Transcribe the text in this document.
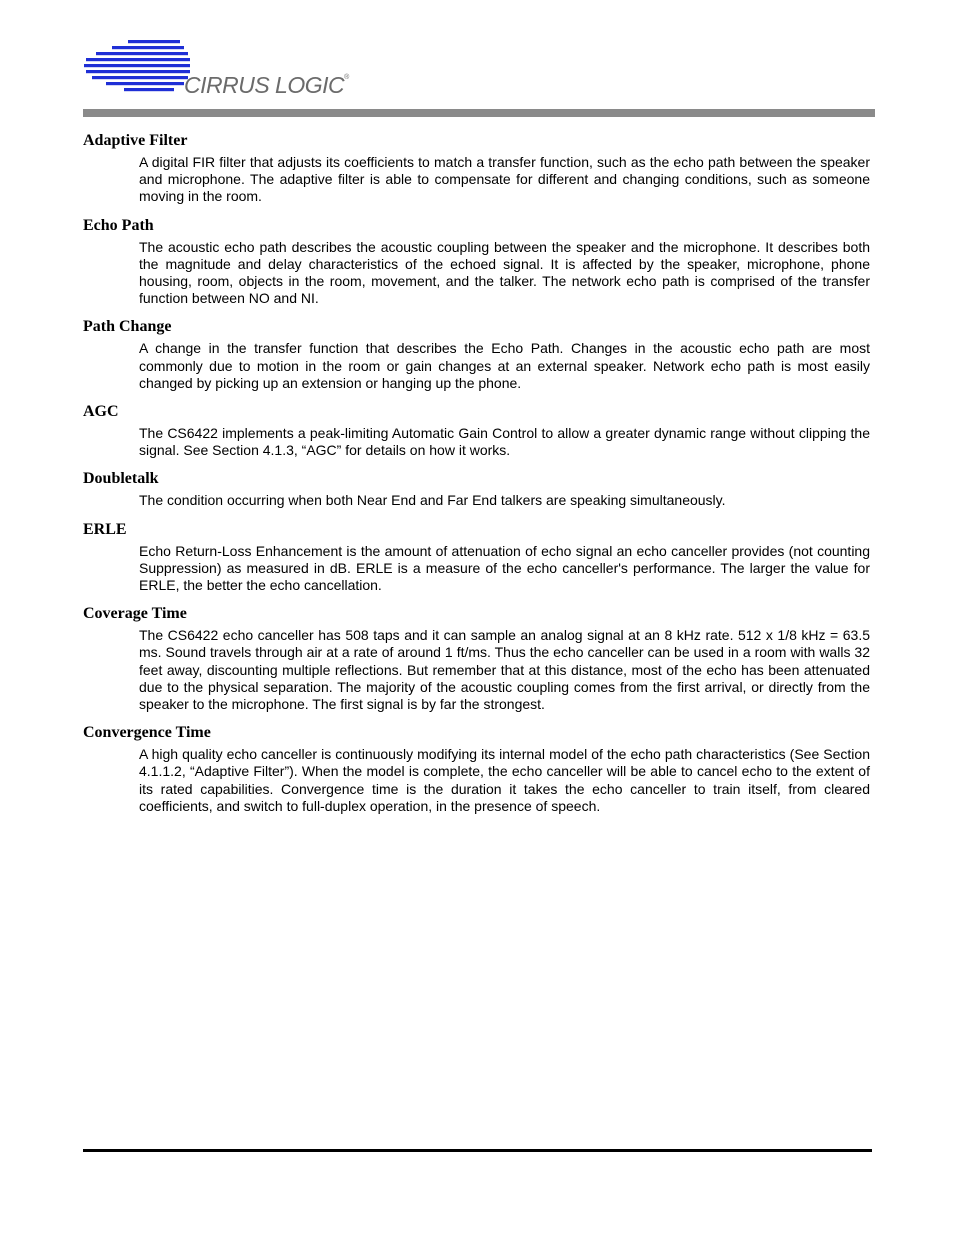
CIRRUS LOGIC®
Adaptive Filter

A digital FIR filter that adjusts its coefficients to match a transfer function, such as the echo path between the speaker and microphone. The adaptive filter is able to compensate for different and changing conditions, such as someone moving in the room.

Echo Path

The acoustic echo path describes the acoustic coupling between the speaker and the microphone. It describes both the magnitude and delay characteristics of the echoed signal. It is affected by the speaker, microphone, phone housing, room, objects in the room, movement, and the talker. The network echo path is comprised of the transfer function between NO and NI.

Path Change

A change in the transfer function that describes the Echo Path. Changes in the acoustic echo path are most commonly due to motion in the room or gain changes at an external speaker. Network echo path is most easily changed by picking up an extension or hanging up the phone.

AGC

The CS6422 implements a peak-limiting Automatic Gain Control to allow a greater dynamic range without clipping the signal. See Section 4.1.3, “AGC” for details on how it works.

Doubletalk

The condition occurring when both Near End and Far End talkers are speaking simultaneously.

ERLE

Echo Return-Loss Enhancement is the amount of attenuation of echo signal an echo canceller provides (not counting Suppression) as measured in dB. ERLE is a measure of the echo canceller's performance. The larger the value for ERLE, the better the echo cancellation.

Coverage Time

The CS6422 echo canceller has 508 taps and it can sample an analog signal at an 8 kHz rate. 512 x 1/8 kHz = 63.5 ms. Sound travels through air at a rate of around 1 ft/ms. Thus the echo canceller can be used in a room with walls 32 feet away, discounting multiple reflections. But remember that at this distance, most of the echo has been attenuated due to the physical separation. The majority of the acoustic coupling comes from the first arrival, or directly from the speaker to the microphone. The first signal is by far the strongest.

Convergence Time

A high quality echo canceller is continuously modifying its internal model of the echo path characteristics (See Section 4.1.1.2, “Adaptive Filter”). When the model is complete, the echo canceller will be able to cancel echo to the extent of its rated capabilities. Convergence time is the duration it takes the echo canceller to train itself, from cleared coefficients, and switch to full-duplex operation, in the presence of speech.
